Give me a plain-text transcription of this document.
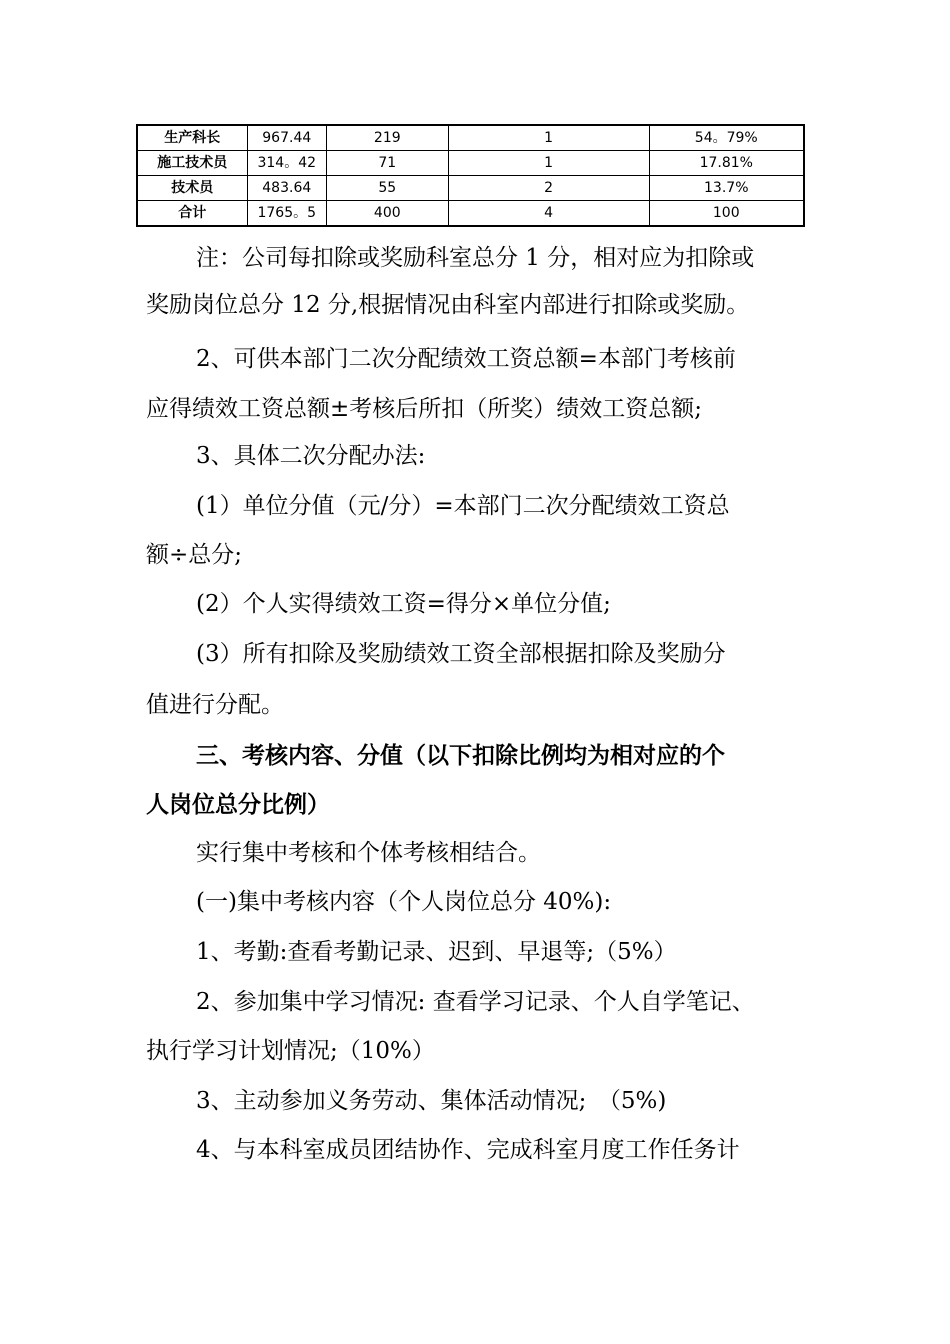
生产科长	967.44	219	1	54。79%
施工技术员	314。42	71	1	17.81%
技术员	483.64	55	2	13.7%
合计	1765。5	400	4	100
注：公司每扣除或奖励科室总分 1 分，相对应为扣除或
奖励岗位总分 12 分,根据情况由科室内部进行扣除或奖励。
2、可供本部门二次分配绩效工资总额=本部门考核前
应得绩效工资总额±考核后所扣（所奖）绩效工资总额;
3、具体二次分配办法:
(1）单位分值（元/分）=本部门二次分配绩效工资总
额÷总分;
(2）个人实得绩效工资=得分×单位分值;
(3）所有扣除及奖励绩效工资全部根据扣除及奖励分
值进行分配。
三、考核内容、分值（以下扣除比例均为相对应的个
人岗位总分比例）
实行集中考核和个体考核相结合。
(一)集中考核内容（个人岗位总分 40%):
1、考勤:查看考勤记录、迟到、早退等;（5%）
2、参加集中学习情况: 查看学习记录、个人自学笔记、
执行学习计划情况;（10%）
3、主动参加义务劳动、集体活动情况;　（5%)
4、与本科室成员团结协作、完成科室月度工作任务计
